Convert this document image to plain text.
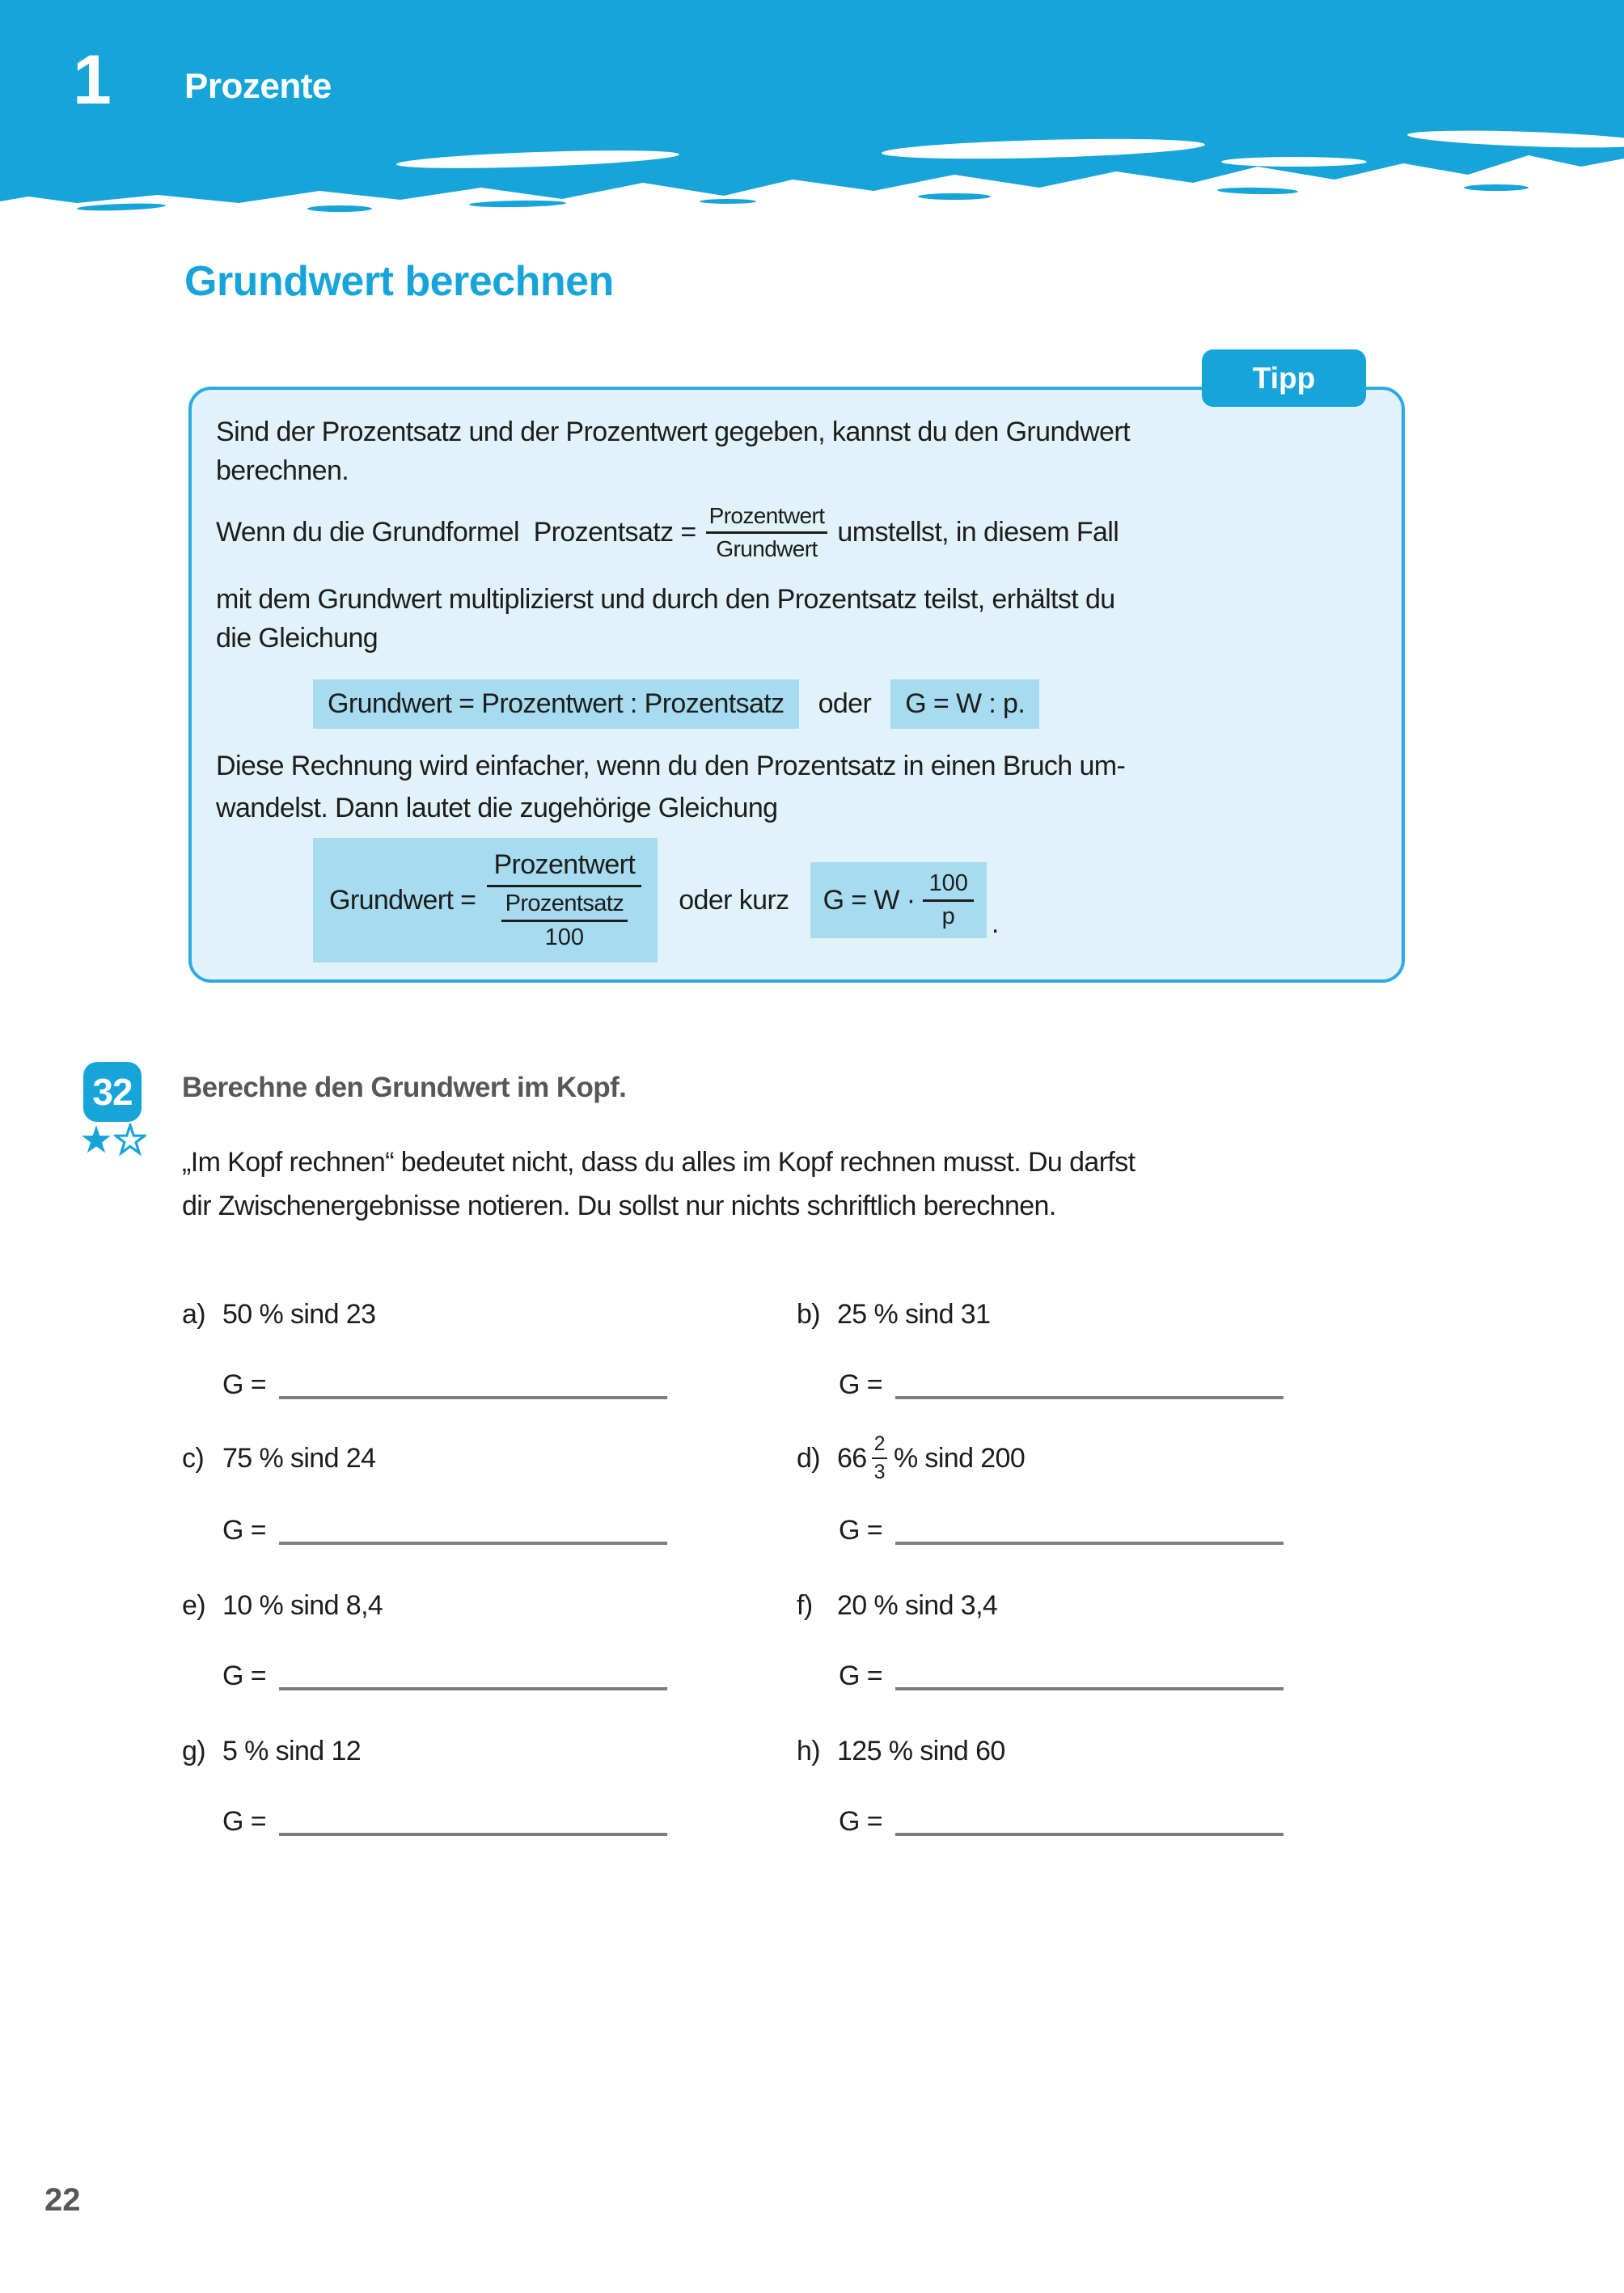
1 Prozente
Grundwert berechnen
Tipp
Sind der Prozentsatz und der Prozentwert gegeben, kannst du den Grundwert
berechnen.
Wenn du die Grundformel  Prozentsatz = $\frac{\text{Prozentwert}}{\text{Grundwert}}$ umstellst, in diesem Fall
mit dem Grundwert multiplizierst und durch den Prozentsatz teilst, erhältst du
die Gleichung
Grundwert = Prozentwert : Prozentsatz	oder	G = W : p.
Diese Rechnung wird einfacher, wenn du den Prozentsatz in einen Bruch um-
wandelst. Dann lautet die zugehörige Gleichung
Grundwert = $\frac{\text{Prozentwert}}{\frac{\text{Prozentsatz}}{100}}$ oder kurz $G = W \cdot \frac{100}{p}$ .
32 Berechne den Grundwert im Kopf.
„Im Kopf rechnen“ bedeutet nicht, dass du alles im Kopf rechnen musst. Du darfst
dir Zwischenergebnisse notieren. Du sollst nur nichts schriftlich berechnen.
a) 50 % sind 23	b) 25 % sind 31
G =	G =
c) 75 % sind 24	d) $66 \frac{2}{3}$ % sind 200
G =	G =
e) 10 % sind 8,4	f) 20 % sind 3,4
G =	G =
g) 5 % sind 12	h) 125 % sind 60
G =	G =
22
